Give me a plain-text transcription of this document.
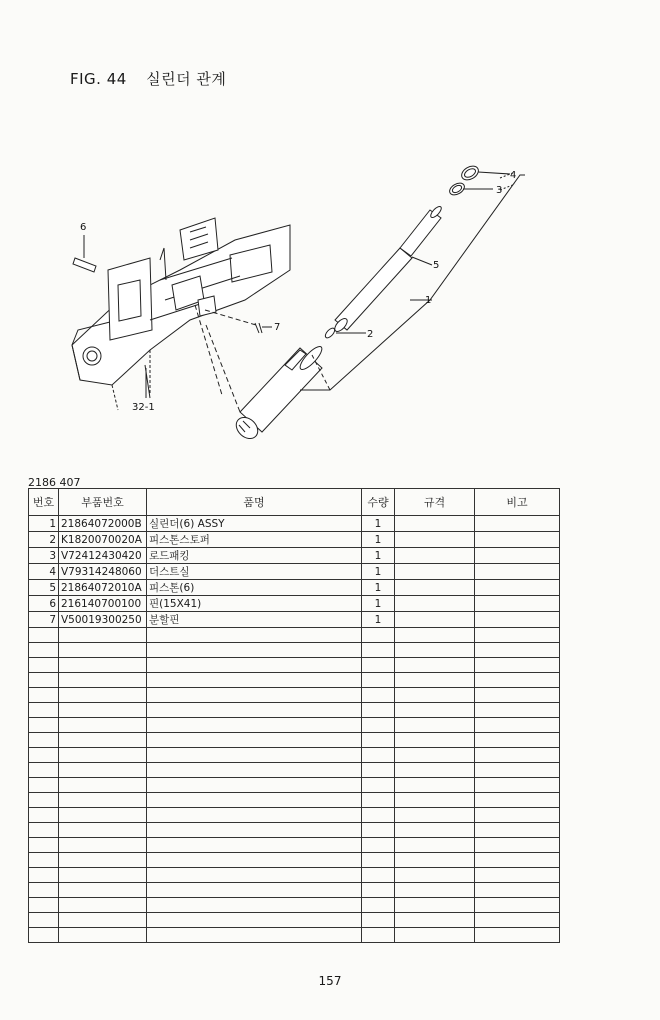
FIG. 44 실린더 관계
6
7
2
1
5
3
4
32-1
2186 407
번호	부품번호	품명	수량	규격	비고
1	21864072000B	실린더(6) ASSY	1		
2	K1820070020A	피스톤스토퍼	1		
3	V72412430420	로드패킹	1		
4	V79314248060	더스트실	1		
5	21864072010A	피스톤(6)	1		
6	216140700100	핀(15X41)	1		
7	V50019300250	분할핀	1		

157
